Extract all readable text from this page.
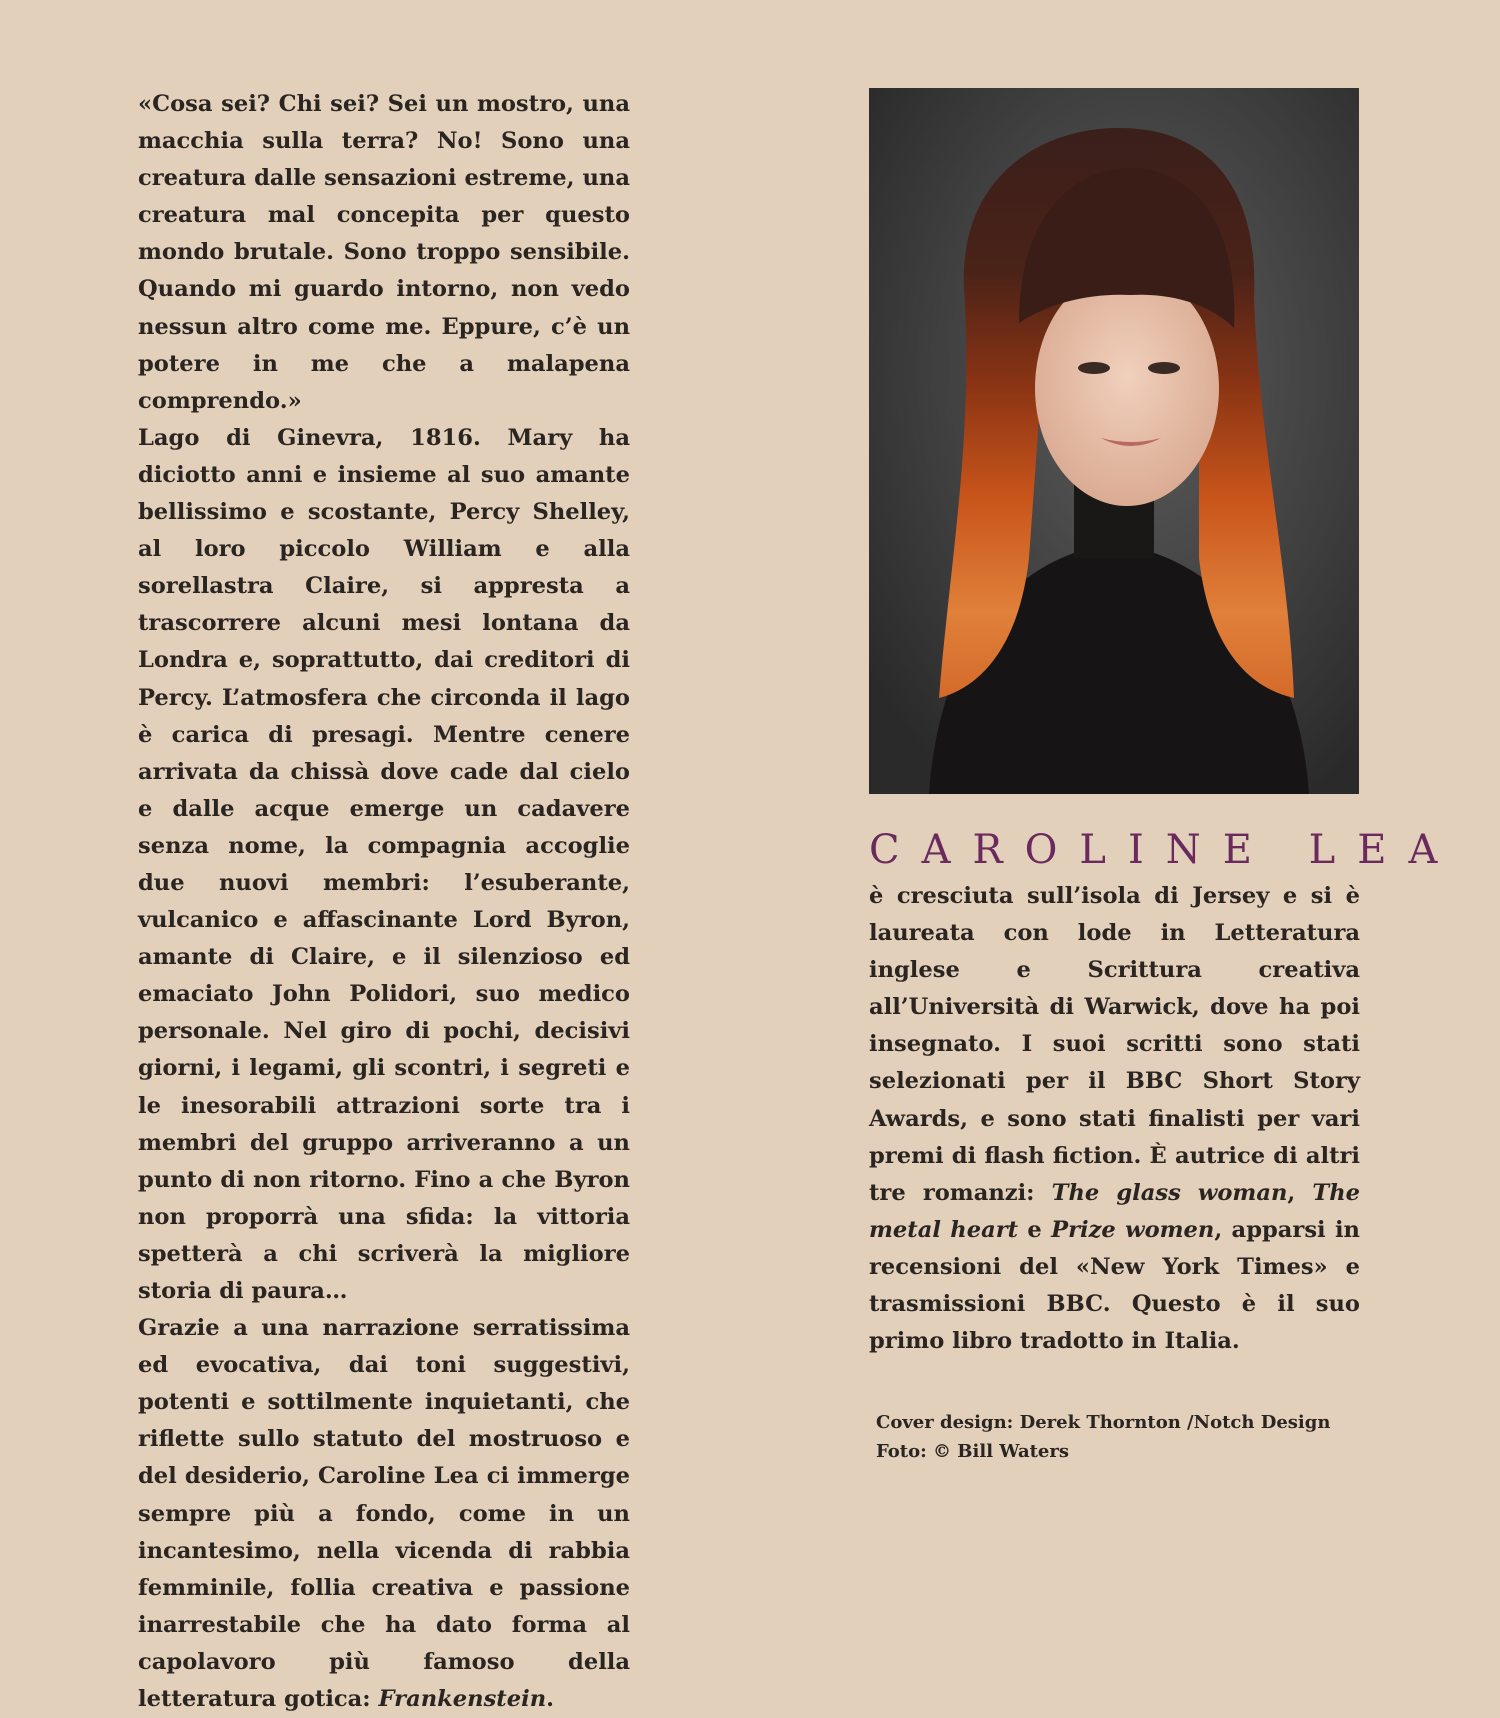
«Cosa sei? Chi sei? Sei un mostro, una macchia sulla terra? No! Sono una creatura dalle sensazioni estreme, una creatura mal concepita per questo mondo brutale. Sono troppo sensibile. Quando mi guardo intorno, non vedo nessun altro come me. Eppure, c’è un potere in me che a malapena comprendo.»

Lago di Ginevra, 1816. Mary ha diciotto anni e insieme al suo amante bellissimo e scostante, Percy Shelley, al loro piccolo William e alla sorellastra Claire, si appresta a trascorrere alcuni mesi lontana da Londra e, soprattutto, dai creditori di Percy. L’atmosfera che circonda il lago è carica di presagi. Mentre cenere arrivata da chissà dove cade dal cielo e dalle acque emerge un cadavere senza nome, la compagnia accoglie due nuovi membri: l’esuberante, vulcanico e affascinante Lord Byron, amante di Claire, e il silenzioso ed emaciato John Polidori, suo medico personale. Nel giro di pochi, decisivi giorni, i legami, gli scontri, i segreti e le inesorabili attrazioni sorte tra i membri del gruppo arriveranno a un punto di non ritorno. Fino a che Byron non proporrà una sfida: la vittoria spetterà a chi scriverà la migliore storia di paura…

Grazie a una narrazione serratissima ed evocativa, dai toni suggestivi, potenti e sottilmente inquietanti, che riflette sullo statuto del mostruoso e del desiderio, Caroline Lea ci immerge sempre più a fondo, come in un incantesimo, nella vicenda di rabbia femminile, follia creativa e passione inarrestabile che ha dato forma al capolavoro più famoso della letteratura gotica: Frankenstein.

CAROLINE LEA
è cresciuta sull’isola di Jersey e si è laureata con lode in Letteratura inglese e Scrittura creativa all’Università di Warwick, dove ha poi insegnato. I suoi scritti sono stati selezionati per il BBC Short Story Awards, e sono stati finalisti per vari premi di flash fiction. È autrice di altri tre romanzi: The glass woman, The metal heart e Prize women, apparsi in recensioni del «New York Times» e trasmissioni BBC. Questo è il suo primo libro tradotto in Italia.
Cover design: Derek Thornton /Notch Design
Foto: © Bill Waters
